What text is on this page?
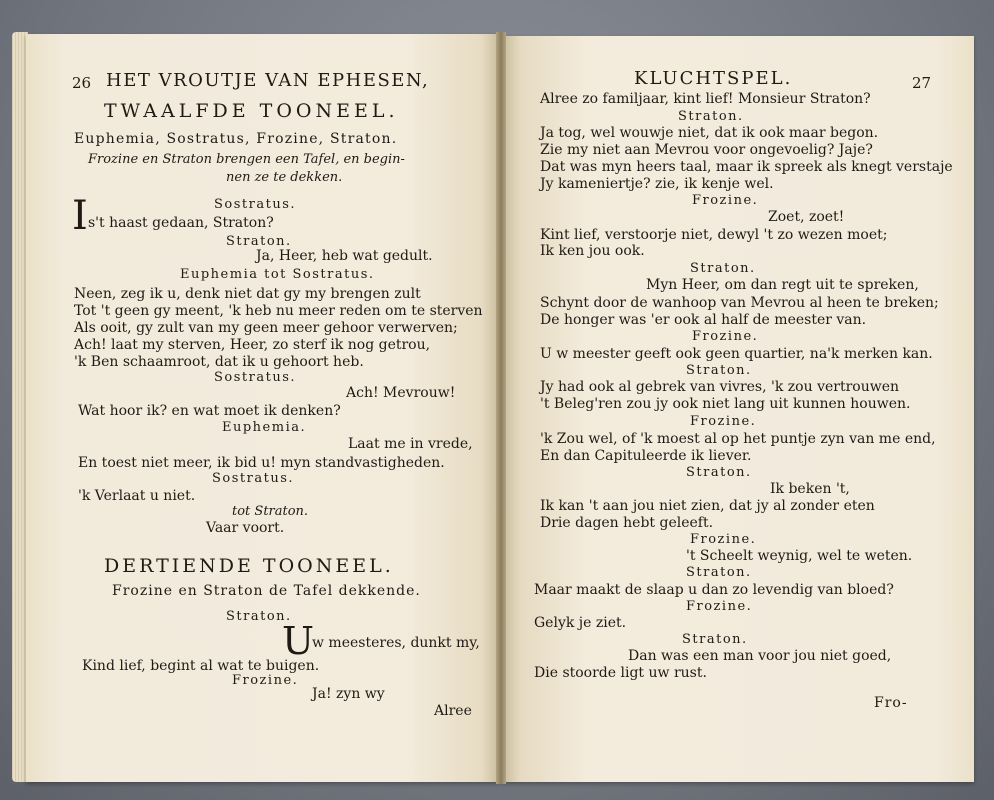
26 HET VROUTJE VAN EPHESEN,
TWAALFDE TOONEEL.
Euphemia, Sostratus, Frozine, Straton.
Frozine en Straton brengen een Tafel, en begin-
nen ze te dekken.
Sostratus.
I s't haast gedaan, Straton?
Straton.
Ja, Heer, heb wat gedult.
Euphemia tot Sostratus.
Neen, zeg ik u, denk niet dat gy my brengen zult
Tot 't geen gy meent, 'k heb nu meer reden om te sterven
Als ooit, gy zult van my geen meer gehoor verwerven;
Ach! laat my sterven, Heer, zo sterf ik nog getrou,
'k Ben schaamroot, dat ik u gehoort heb.
Sostratus.
Ach! Mevrouw!
Wat hoor ik? en wat moet ik denken?
Euphemia.
Laat me in vrede,
En toest niet meer, ik bid u! myn standvastigheden.
Sostratus.
'k Verlaat u niet.
tot Straton.
Vaar voort.
DERTIENDE TOONEEL.
Frozine en Straton de Tafel dekkende.
Straton.
U
w meesteres, dunkt my,
Kind lief, begint al wat te buigen.
Frozine.
Ja! zyn wy
Alree
KLUCHTSPEL.	27
Alree zo familjaar, kint lief! Monsieur Straton?
Straton.
Ja tog, wel wouwje niet, dat ik ook maar begon.
Zie my niet aan Mevrou voor ongevoelig? Jaje?
Dat was myn heers taal, maar ik spreek als knegt verstaje
Jy kameniertje? zie, ik kenje wel.
Frozine.
Zoet, zoet!
Kint lief, verstoorje niet, dewyl 't zo wezen moet;
Ik ken jou ook.
Straton.
Myn Heer, om dan regt uit te spreken,
Schynt door de wanhoop van Mevrou al heen te breken;
De honger was 'er ook al half de meester van.
Frozine.
U w meester geeft ook geen quartier, na'k merken kan.
Straton.
Jy had ook al gebrek van vivres, 'k zou vertrouwen
't Beleg'ren zou jy ook niet lang uit kunnen houwen.
Frozine.
'k Zou wel, of 'k moest al op het puntje zyn van me end,
En dan Capituleerde ik liever.
Straton.
Ik beken 't,
Ik kan 't aan jou niet zien, dat jy al zonder eten
Drie dagen hebt geleeft.
Frozine.
't Scheelt weynig, wel te weten.
Straton.
Maar maakt de slaap u dan zo levendig van bloed?
Frozine.
Gelyk je ziet.
Straton.
Dan was een man voor jou niet goed,
Die stoorde ligt uw rust.
Fro-
